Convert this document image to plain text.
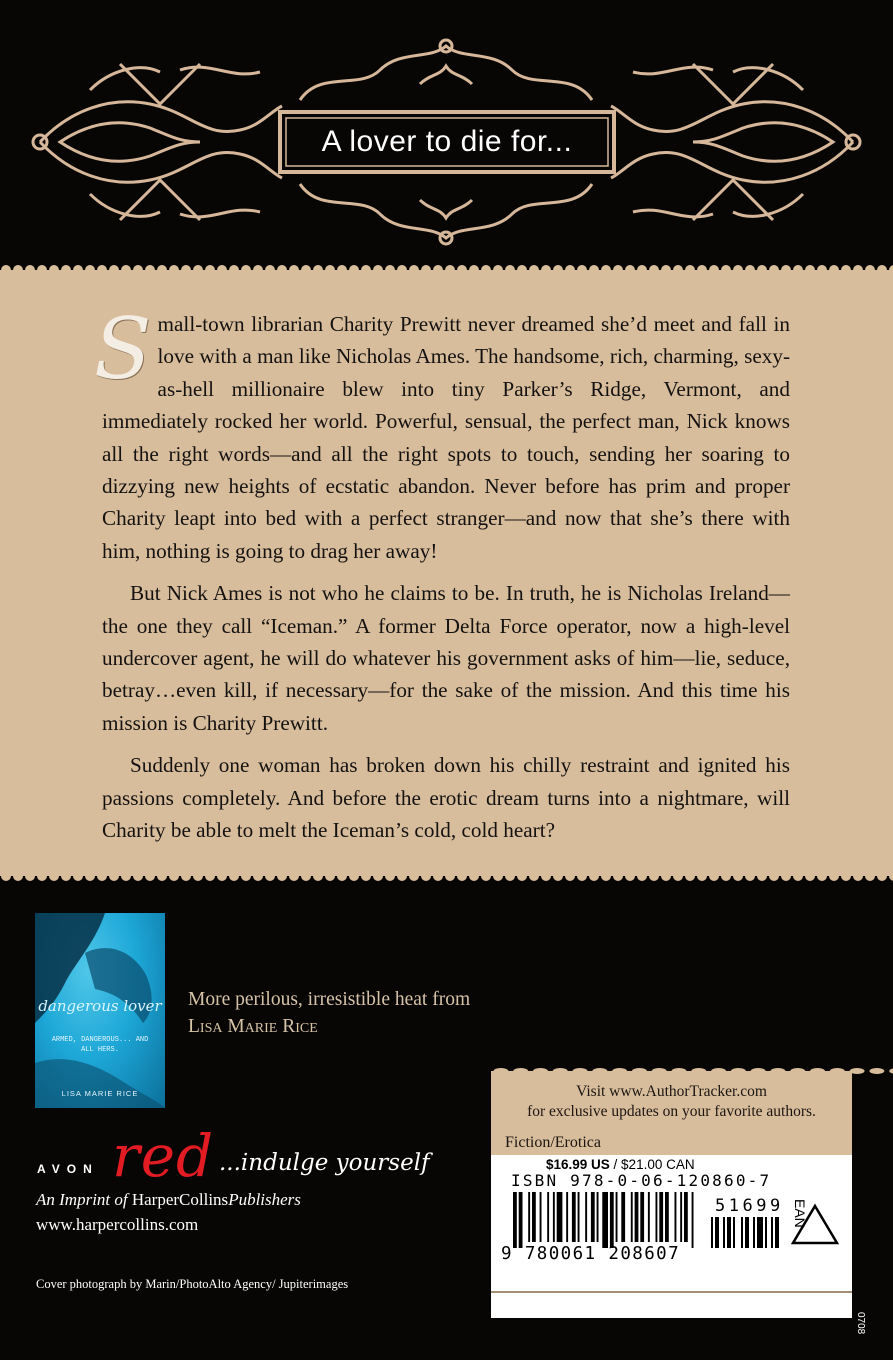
A lover to die for...

Small-town librarian Charity Prewitt never dreamed she’d meet and fall in love with a man like Nicholas Ames. The handsome, rich, charming, sexy-as-hell millionaire blew into tiny Parker’s Ridge, Vermont, and immediately rocked her world. Powerful, sensual, the perfect man, Nick knows all the right words—and all the right spots to touch, sending her soaring to dizzying new heights of ecstatic abandon. Never before has prim and proper Charity leapt into bed with a perfect stranger—and now that she’s there with him, nothing is going to drag her away!

But Nick Ames is not who he claims to be. In truth, he is Nicholas Ireland—the one they call “Iceman.” A former Delta Force operator, now a high-level undercover agent, he will do whatever his government asks of him—lie, seduce, betray…even kill, if necessary—for the sake of the mission. And this time his mission is Charity Prewitt.

Suddenly one woman has broken down his chilly restraint and ignited his passions completely. And before the erotic dream turns into a nightmare, will Charity be able to melt the Iceman’s cold, cold heart?

dangerous lover
ARMED, DANGEROUS... AND ALL HERS.
LISA MARIE RICE
More perilous, irresistible heat from Lisa Marie Rice
AVON red ...indulge yourself
An Imprint of HarperCollinsPublishers
www.harpercollins.com
Cover photograph by Marin/PhotoAlto Agency/ Jupiterimages
Visit www.AuthorTracker.com
for exclusive updates on your favorite authors.
Fiction/Erotica
$16.99 US / $21.00 CAN
ISBN 978-0-06-120860-7
51699
9 780061 208607
EAN
0708
